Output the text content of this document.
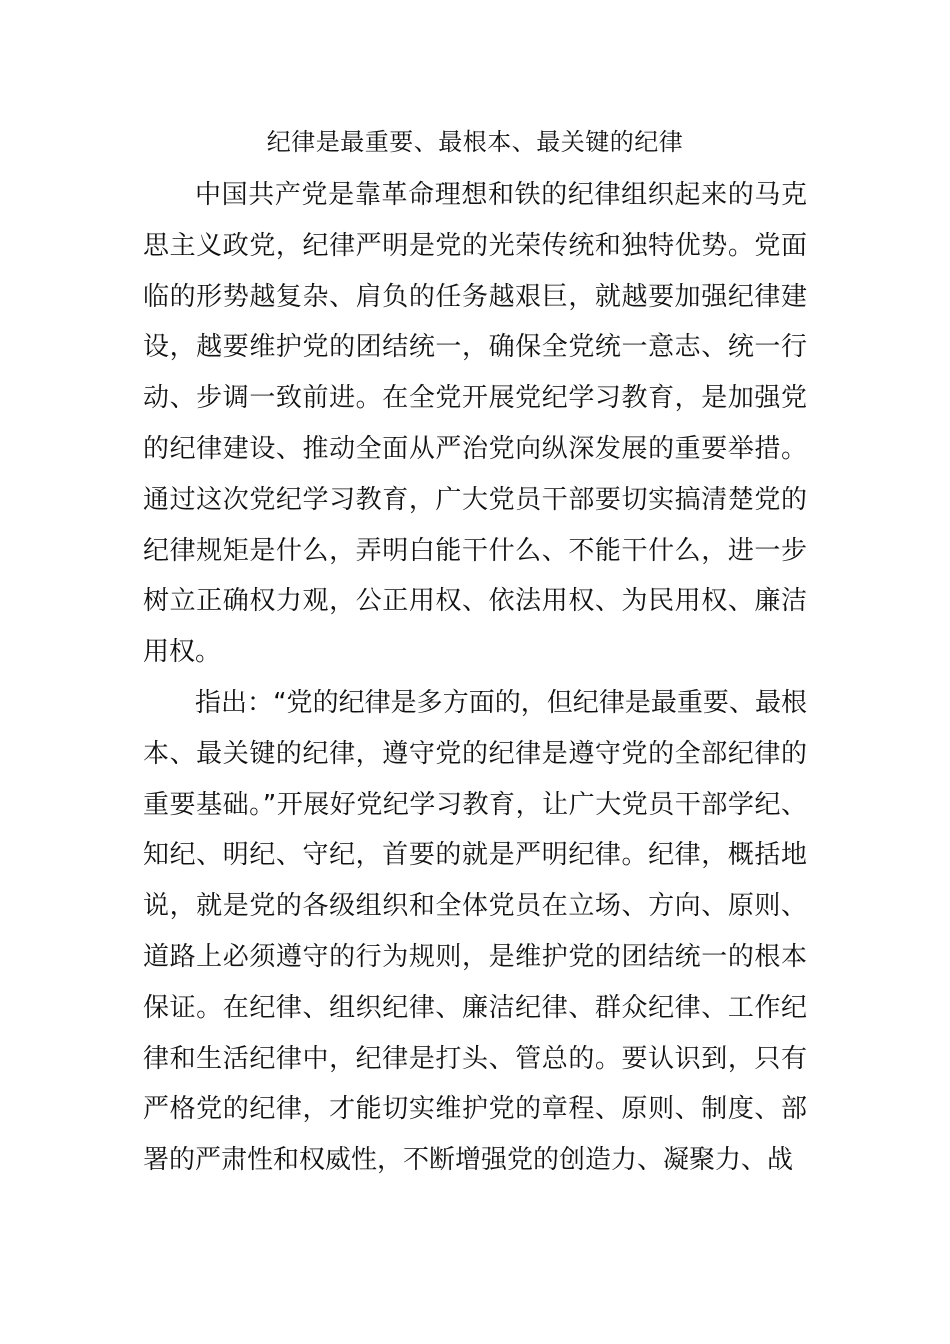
纪律是最重要、最根本、最关键的纪律

中国共产党是靠革命理想和铁的纪律组织起来的马克思主义政党，纪律严明是党的光荣传统和独特优势。党面临的形势越复杂、肩负的任务越艰巨，就越要加强纪律建设，越要维护党的团结统一，确保全党统一意志、统一行动、步调一致前进。在全党开展党纪学习教育，是加强党的纪律建设、推动全面从严治党向纵深发展的重要举措。通过这次党纪学习教育，广大党员干部要切实搞清楚党的纪律规矩是什么，弄明白能干什么、不能干什么，进一步树立正确权力观，公正用权、依法用权、为民用权、廉洁用权。

指出：“党的纪律是多方面的，但纪律是最重要、最根本、最关键的纪律，遵守党的纪律是遵守党的全部纪律的重要基础。”开展好党纪学习教育，让广大党员干部学纪、知纪、明纪、守纪，首要的就是严明纪律。纪律，概括地说，就是党的各级组织和全体党员在立场、方向、原则、道路上必须遵守的行为规则，是维护党的团结统一的根本保证。在纪律、组织纪律、廉洁纪律、群众纪律、工作纪律和生活纪律中，纪律是打头、管总的。要认识到，只有严格党的纪律，才能切实维护党的章程、原则、制度、部署的严肃性和权威性，不断增强党的创造力、凝聚力、战
